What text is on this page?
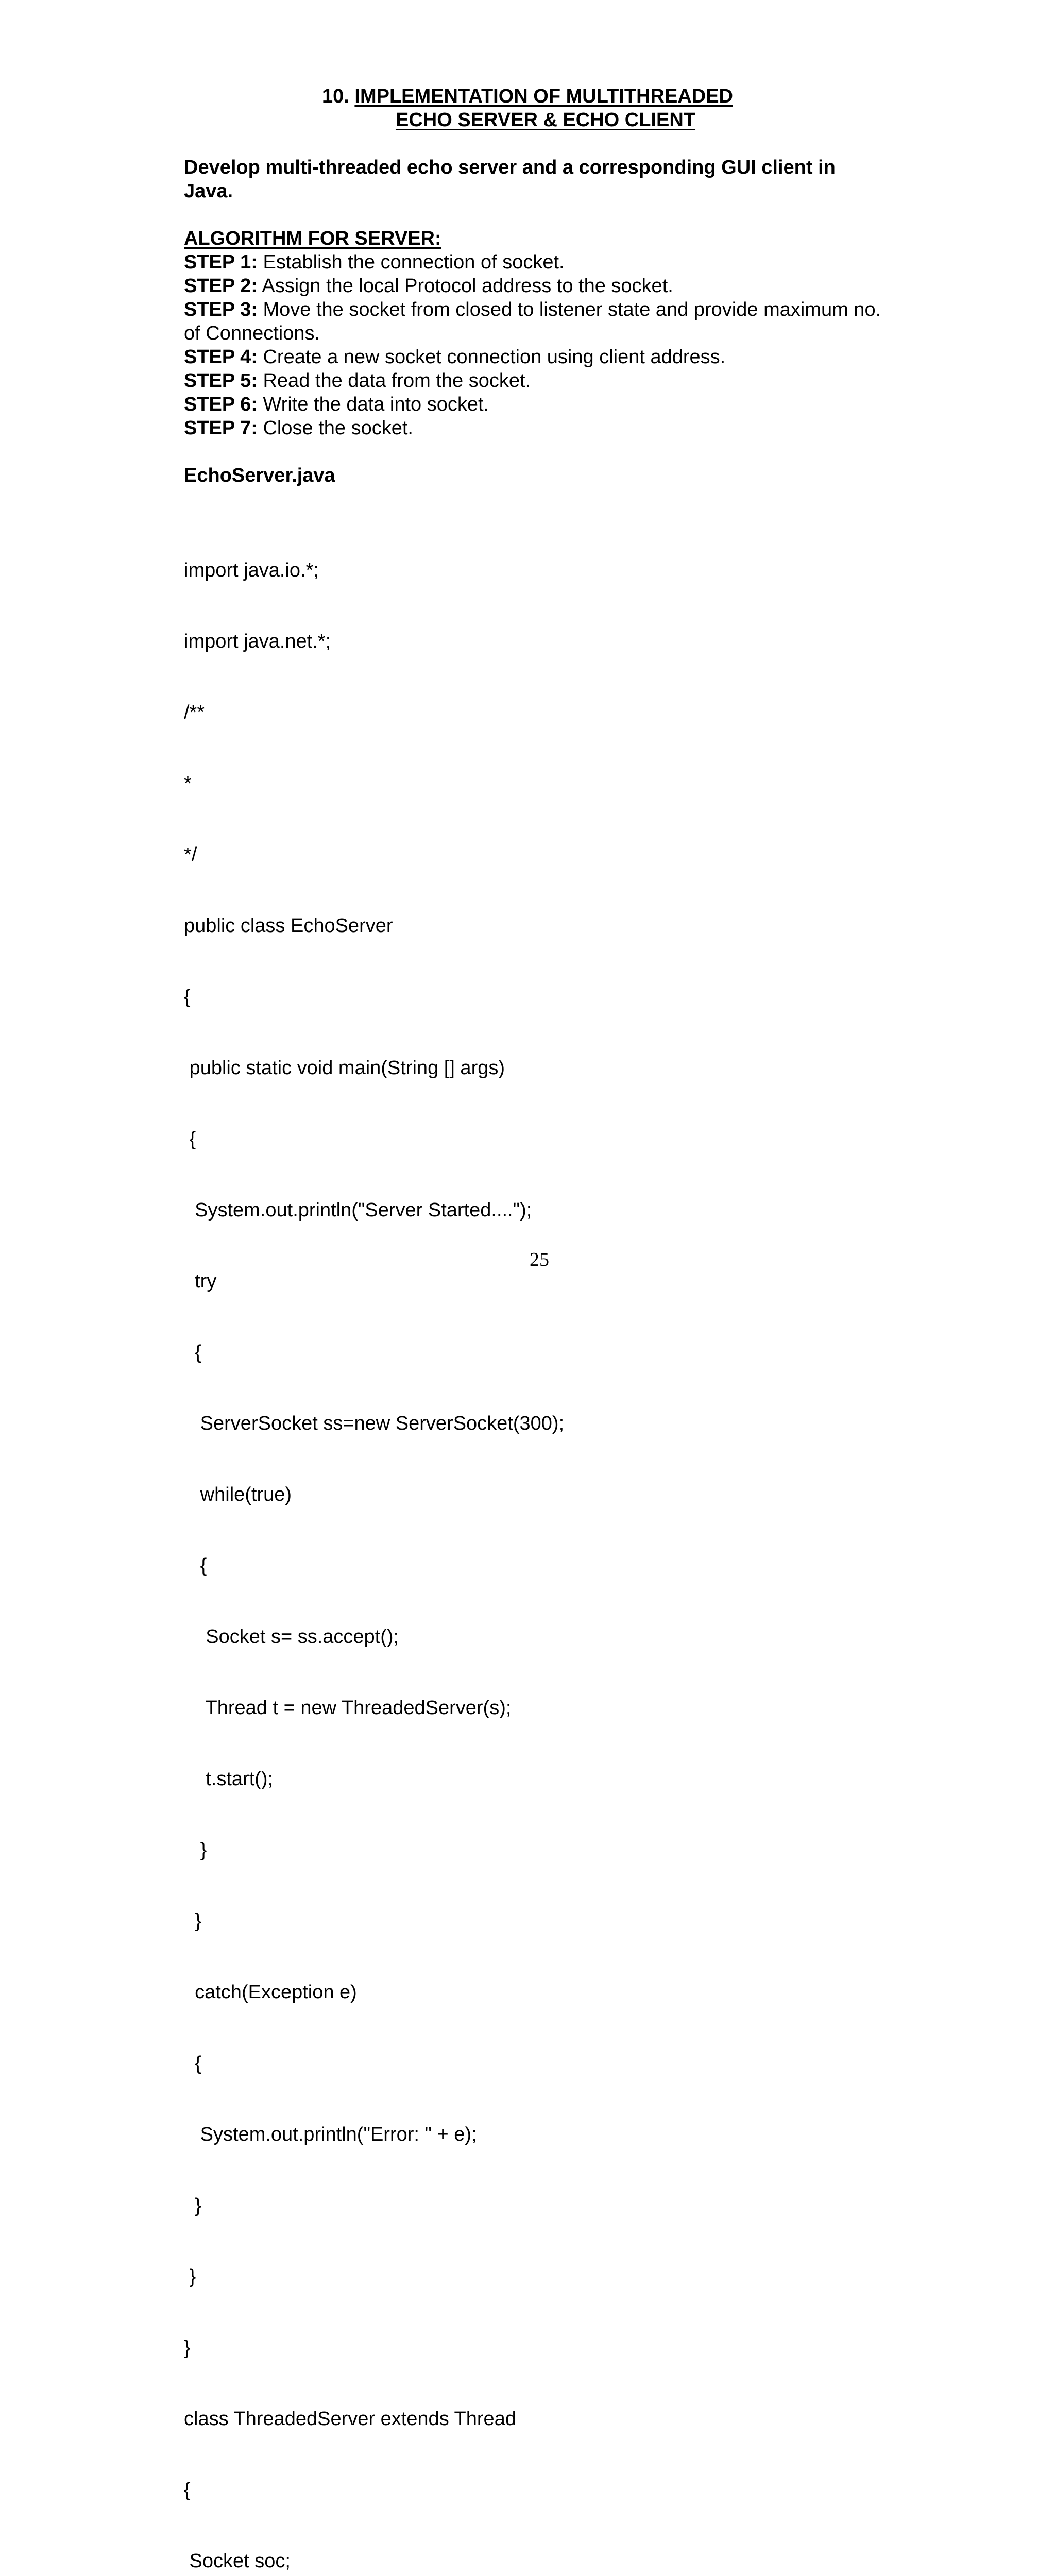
10. IMPLEMENTATION OF MULTITHREADED
ECHO SERVER & ECHO CLIENT

Develop multi-threaded echo server and a corresponding GUI client in
Java.

ALGORITHM FOR SERVER:
STEP 1: Establish the connection of socket.
STEP 2: Assign the local Protocol address to the socket.
STEP 3: Move the socket from closed to listener state and provide maximum no.
of Connections.
STEP 4: Create a new socket connection using client address.
STEP 5: Read the data from the socket.
STEP 6: Write the data into socket.
STEP 7: Close the socket.
EchoServer.java

import java.io.*;

import java.net.*;

/**

*

*/

public class EchoServer

{

public static void main(String [] args)

{

System.out.println("Server Started....");

try

{

ServerSocket ss=new ServerSocket(300);

while(true)

{

Socket s= ss.accept();

Thread t = new ThreadedServer(s);

t.start();

}

}

catch(Exception e)

{

System.out.println("Error: " + e);

}

}

}

class ThreadedServer extends Thread

{

Socket soc;

25
